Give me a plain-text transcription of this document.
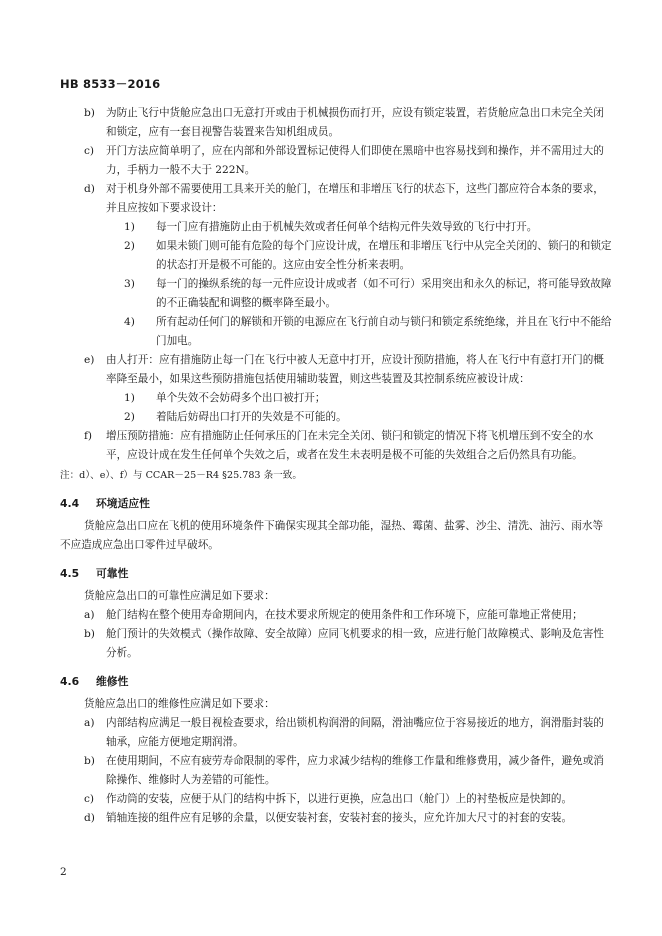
HB 8533－2016
b) 为防止飞行中货舱应急出口无意打开或由于机械损伤而打开，应设有锁定装置，若货舱应急出口未完全关闭和锁定，应有一套目视警告装置来告知机组成员。
c) 开门方法应简单明了，应在内部和外部设置标记使得人们即使在黑暗中也容易找到和操作，并不需用过大的力，手柄力一般不大于 222N。
d) 对于机身外部不需要使用工具来开关的舱门，在增压和非增压飞行的状态下，这些门都应符合本条的要求，并且应按如下要求设计：
1) 每一门应有措施防止由于机械失效或者任何单个结构元件失效导致的飞行中打开。
2) 如果未锁门则可能有危险的每个门应设计成，在增压和非增压飞行中从完全关闭的、锁闩的和锁定的状态打开是极不可能的。这应由安全性分析来表明。
3) 每一门的操纵系统的每一元件应设计成或者（如不可行）采用突出和永久的标记，将可能导致故障的不正确装配和调整的概率降至最小。
4) 所有起动任何门的解锁和开锁的电源应在飞行前自动与锁闩和锁定系统绝缘，并且在飞行中不能给门加电。
e) 由人打开：应有措施防止每一门在飞行中被人无意中打开，应设计预防措施，将人在飞行中有意打开门的概率降至最小，如果这些预防措施包括使用辅助装置，则这些装置及其控制系统应被设计成：
1) 单个失效不会妨碍多个出口被打开；
2) 着陆后妨碍出口打开的失效是不可能的。
f) 增压预防措施：应有措施防止任何承压的门在未完全关闭、锁闩和锁定的情况下将飞机增压到不安全的水平，应设计成在发生任何单个失效之后，或者在发生未表明是极不可能的失效组合之后仍然具有功能。
注：d）、e）、f）与 CCAR－25－R4 §25.783 条一致。
4.4 环境适应性
货舱应急出口应在飞机的使用环境条件下确保实现其全部功能，湿热、霉菌、盐雾、沙尘、清洗、油污、雨水等不应造成应急出口零件过早破坏。
4.5 可靠性
货舱应急出口的可靠性应满足如下要求：
a) 舱门结构在整个使用寿命期间内，在技术要求所规定的使用条件和工作环境下，应能可靠地正常使用；
b) 舱门预计的失效模式（操作故障、安全故障）应同飞机要求的相一致，应进行舱门故障模式、影响及危害性分析。
4.6 维修性
货舱应急出口的维修性应满足如下要求：
a) 内部结构应满足一般目视检查要求，给出锁机构润滑的间隔，滑油嘴应位于容易接近的地方，润滑脂封装的轴承，应能方便地定期润滑。
b) 在使用期间，不应有疲劳寿命限制的零件，应力求减少结构的维修工作量和维修费用，减少备件，避免或消除操作、维修时人为差错的可能性。
c) 作动筒的安装，应便于从门的结构中拆下，以进行更换，应急出口（舱门）上的衬垫板应是快卸的。
d) 销轴连接的组件应有足够的余量，以便安装衬套，安装衬套的接头，应允许加大尺寸的衬套的安装。
2
